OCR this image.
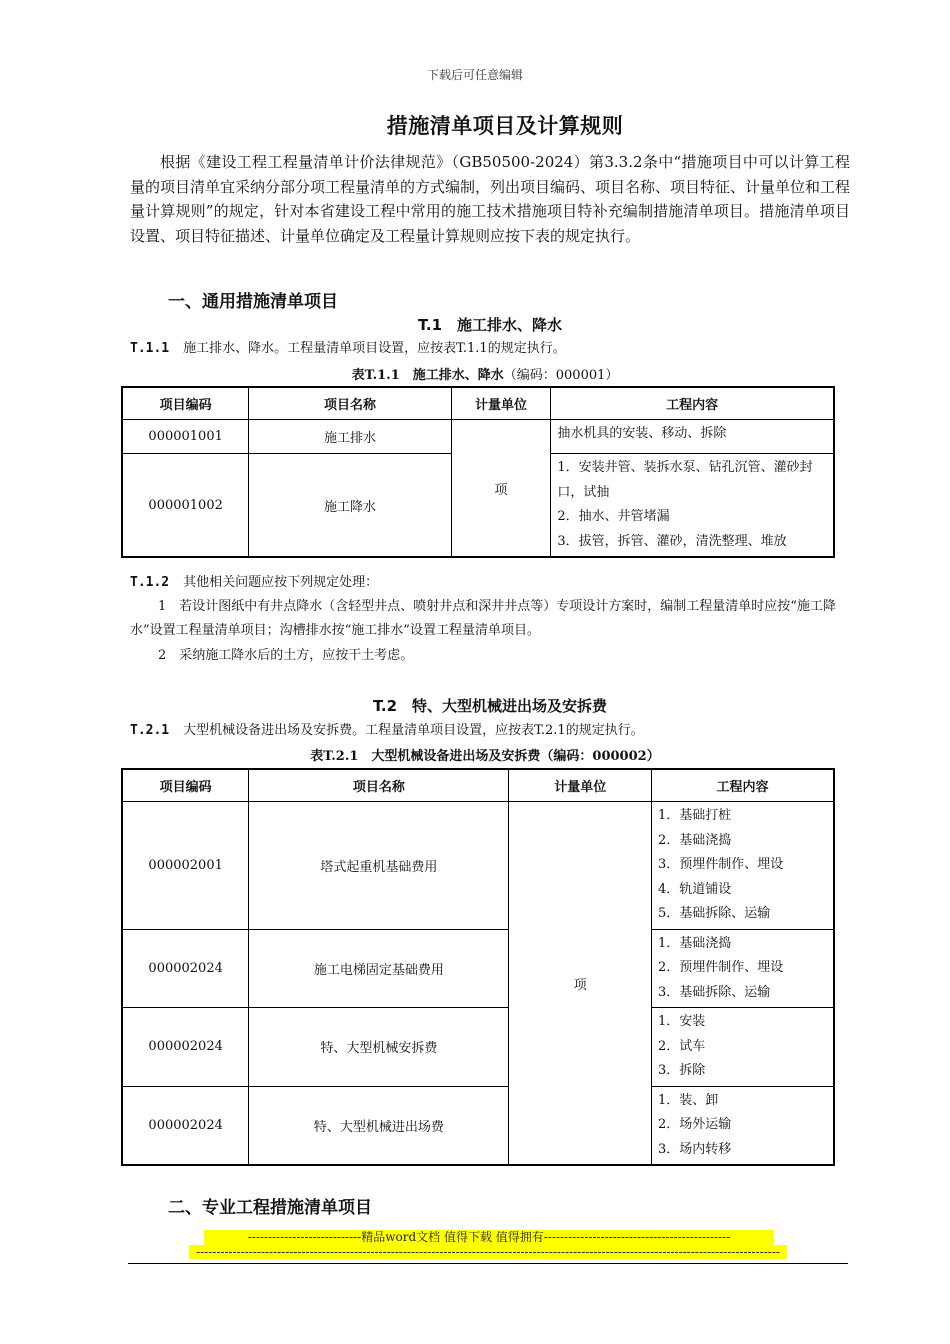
下载后可任意编辑
措施清单项目及计算规则
根据《建设工程工程量清单计价法律规范》（GB50500-2024）第3.3.2条中“措施项目中可以计算工程量的项目清单宜采纳分部分项工程量清单的方式编制，列出项目编码、项目名称、项目特征、计量单位和工程量计算规则”的规定，针对本省建设工程中常用的施工技术措施项目特补充编制措施清单项目。措施清单项目设置、项目特征描述、计量单位确定及工程量计算规则应按下表的规定执行。
一、通用措施清单项目
T.1　施工排水、降水
T.1.1 施工排水、降水。工程量清单项目设置，应按表T.1.1的规定执行。
表T.1.1　施工排水、降水（编码：000001）
项目编码	项目名称	计量单位	工程内容
000001001	施工排水	项	抽水机具的安装、移动、拆除

000001002	施工降水		1．安装井管、装拆水泵、钻孔沉管、灌砂封口，试抽
2．抽水、井管堵漏
3．拔管，拆管、灌砂，清洗整理、堆放
T.1.2 其他相关问题应按下列规定处理：
1　若设计图纸中有井点降水（含轻型井点、喷射井点和深井井点等）专项设计方案时，编制工程量清单时应按“施工降水”设置工程量清单项目；沟槽排水按“施工排水”设置工程量清单项目。
2　采纳施工降水后的土方，应按干土考虑。
T.2　特、大型机械进出场及安拆费
T.2.1 大型机械设备进出场及安拆费。工程量清单项目设置，应按表T.2.1的规定执行。
表T.2.1　大型机械设备进出场及安拆费（编码：000002）
项目编码	项目名称	计量单位	工程内容
000002001	塔式起重机基础费用	项	1．基础打桩
2．基础浇捣
3．预埋件制作、埋设
4．轨道铺设
5．基础拆除、运输

000002024	施工电梯固定基础费用		1．基础浇捣
2．预埋件制作、埋设
3．基础拆除、运输

000002024	特、大型机械安拆费		1．安装
2．试车
3．拆除

000002024	特、大型机械进出场费		1．装、卸
2．场外运输
3．场内转移
二、专业工程措施清单项目
----------------------------精品word文档 值得下载 值得拥有----------------------------------------------
------------------------------------------------------------------------------------------------------------------------------------------------
